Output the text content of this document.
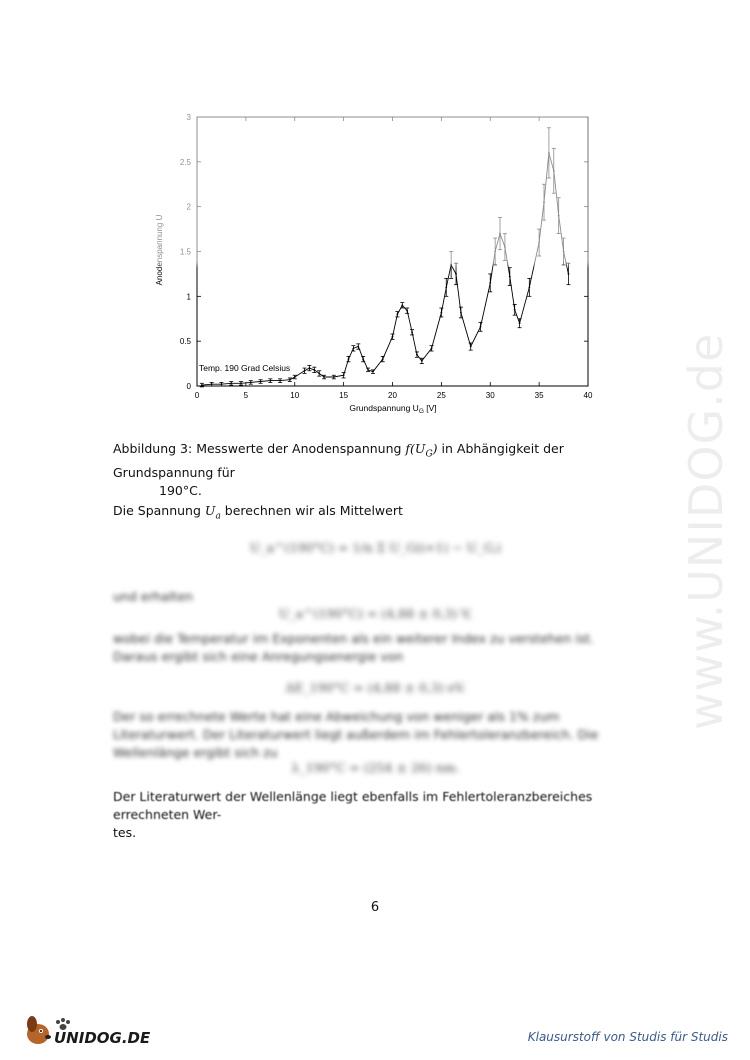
0	5	10	15	20	25	30	35	40
0
0.5
1
Temp. 190 Grad Celsius
Grundspannung $U_G$ [V]
Abbildung 3: Messwerte der Anodenspannung $f(U_G)$ in Abhängigkeit der Grundspannung für
190°C.
Die Spannung $U_a$ berechnen wir als Mittelwert
U_a^(190°C) = 1/n Σ U_G(i+1) − U_G,i
und erhalten
U_a^(190°C) = (4,88 ± 0,3) V,
wobei die Temperatur im Exponenten als ein weiterer Index zu verstehen ist. Daraus ergibt sich eine Anregungsenergie von
ΔE_190°C = (4,88 ± 0,3) eV.
Der so errechnete Werte hat eine Abweichung von weniger als 1% zum Literaturwert. Der Literaturwert liegt außerdem im Fehlertoleranzbereich. Die Wellenlänge ergibt sich zu
λ_190°C = (254 ± 26) nm.
Der Literaturwert der Wellenlänge liegt ebenfalls im Fehlertoleranzbereiches errechneten Wer-
tes.
6
www.UNIDOG.de
UNIDOG.DE	Klausurstoff von Studis für Studis
